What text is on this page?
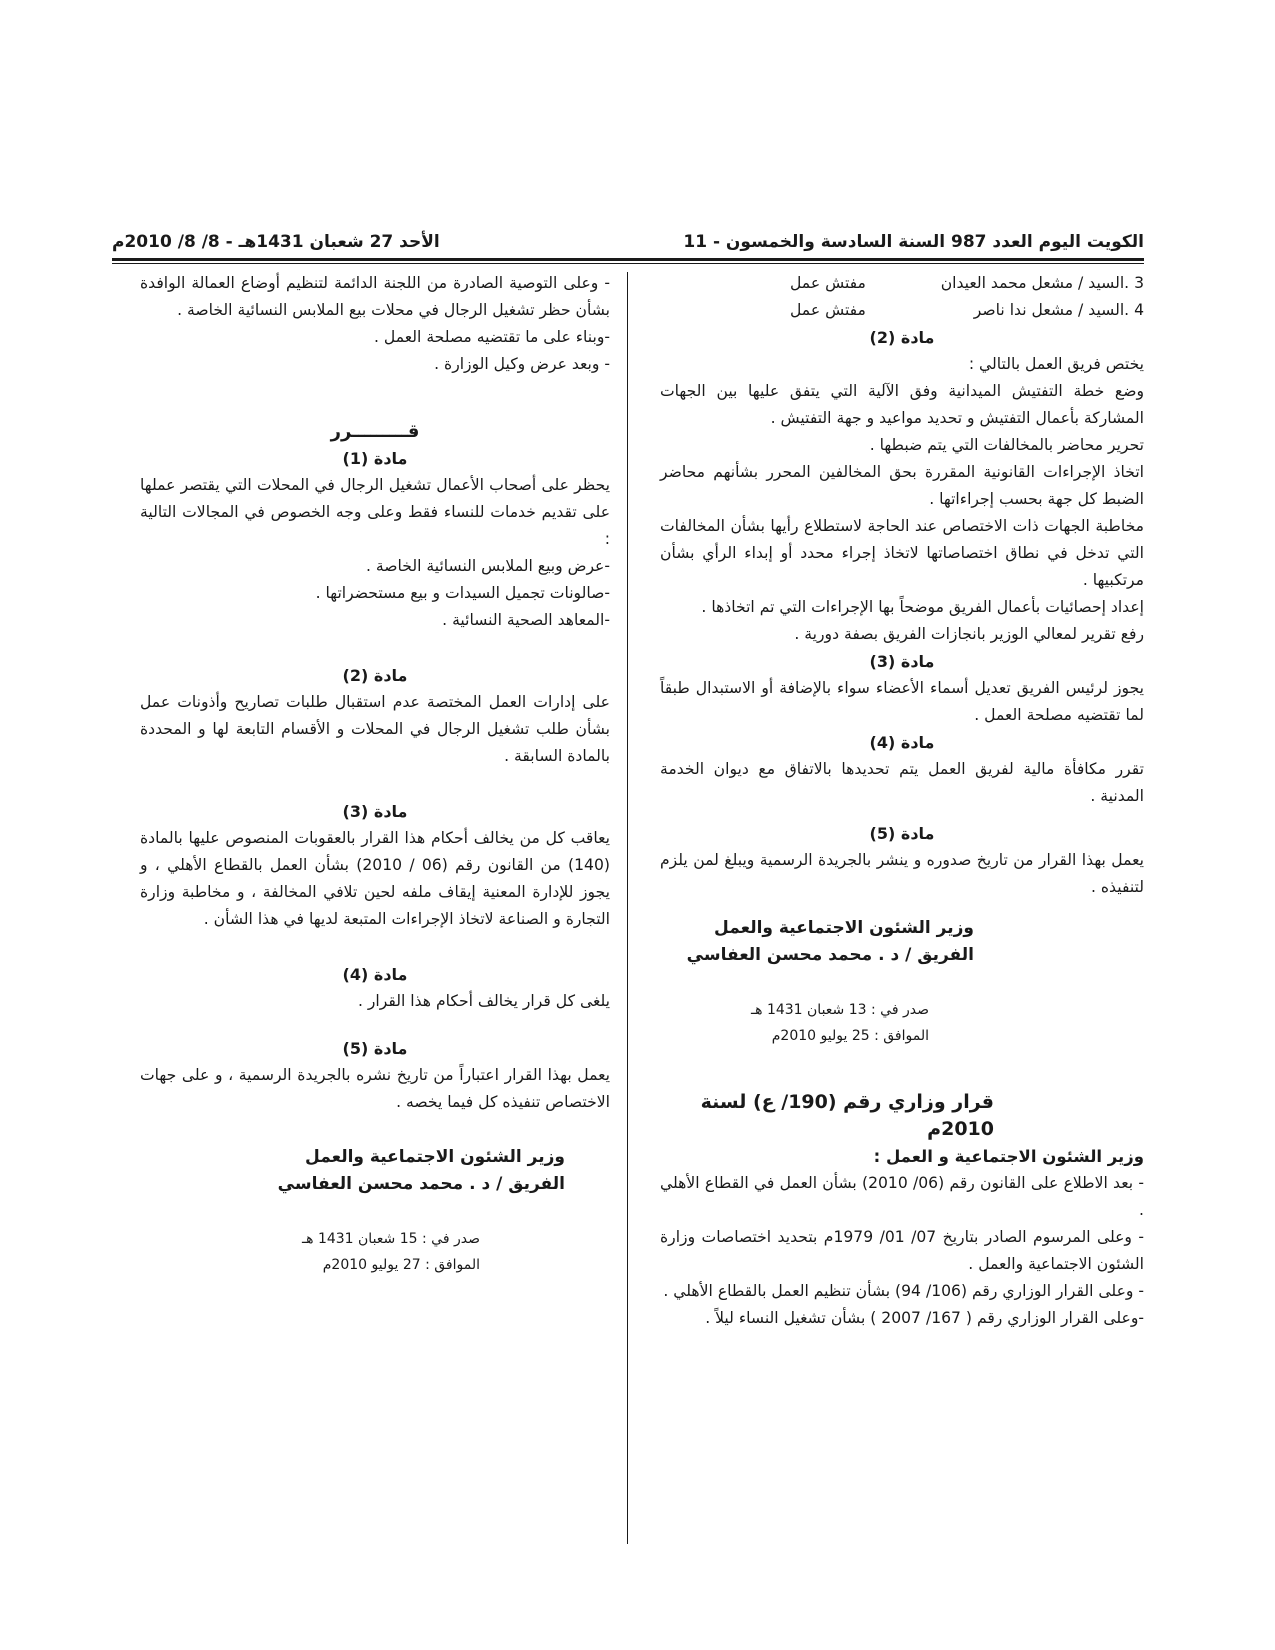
الكويت اليوم العدد 987 السنة السادسة والخمسون - 11
الأحد 27 شعبان 1431هـ - 8/ 8/ 2010م

3 .السيد / مشعل محمد العيدان
مفتش عمل

4 .السيد / مشعل ندا ناصر
مفتش عمل

مادة (2)

يختص فريق العمل بالتالي :

وضع خطة التفتيش الميدانية وفق الآلية التي يتفق عليها بين الجهات المشاركة بأعمال التفتيش و تحديد مواعيد و جهة التفتيش .

تحرير محاضر بالمخالفات التي يتم ضبطها .

اتخاذ الإجراءات القانونية المقررة بحق المخالفين المحرر بشأنهم محاضر الضبط كل جهة بحسب إجراءاتها .

مخاطبة الجهات ذات الاختصاص عند الحاجة لاستطلاع رأيها بشأن المخالفات التي تدخل في نطاق اختصاصاتها لاتخاذ إجراء محدد أو إبداء الرأي بشأن مرتكبيها .

إعداد إحصائيات بأعمال الفريق موضحاً بها الإجراءات التي تم اتخاذها .

رفع تقرير لمعالي الوزير بانجازات الفريق بصفة دورية .

مادة (3)

يجوز لرئيس الفريق تعديل أسماء الأعضاء سواء بالإضافة أو الاستبدال طبقاً لما تقتضيه مصلحة العمل .

مادة (4)

تقرر مكافأة مالية لفريق العمل يتم تحديدها بالاتفاق مع ديوان الخدمة المدنية .

مادة (5)

يعمل بهذا القرار من تاريخ صدوره و ينشر بالجريدة الرسمية ويبلغ لمن يلزم لتنفيذه .

وزير الشئون الاجتماعية والعمل

الفريق / د . محمد محسن العفاسي

صدر في : 13 شعبان 1431 هـ

الموافق : 25 يوليو 2010م

قرار وزاري رقم (190/ ع) لسنة 2010م

وزير الشئون الاجتماعية و العمل :

- بعد الاطلاع على القانون رقم (06/ 2010) بشأن العمل في القطاع الأهلي .

- وعلى المرسوم الصادر بتاريخ 07/ 01/ 1979م بتحديد اختصاصات وزارة الشئون الاجتماعية والعمل .

- وعلى القرار الوزاري رقم (106/ 94) بشأن تنظيم العمل بالقطاع الأهلي .

-وعلى القرار الوزاري رقم ( 167/ 2007 ) بشأن تشغيل النساء ليلاً .

- وعلى التوصية الصادرة من اللجنة الدائمة لتنظيم أوضاع العمالة الوافدة بشأن حظر تشغيل الرجال في محلات بيع الملابس النسائية الخاصة .

-وبناء على ما تقتضيه مصلحة العمل .

- وبعد عرض وكيل الوزارة .

قـــــــــرر

مادة (1)

يحظر على أصحاب الأعمال تشغيل الرجال في المحلات التي يقتصر عملها على تقديم خدمات للنساء فقط وعلى وجه الخصوص في المجالات التالية :

-عرض وبيع الملابس النسائية الخاصة .

-صالونات تجميل السيدات و بيع مستحضراتها .

-المعاهد الصحية النسائية .

مادة (2)

على إدارات العمل المختصة عدم استقبال طلبات تصاريح وأذونات عمل بشأن طلب تشغيل الرجال في المحلات و الأقسام التابعة لها و المحددة بالمادة السابقة .

مادة (3)

يعاقب كل من يخالف أحكام هذا القرار بالعقوبات المنصوص عليها بالمادة (140) من القانون رقم (06 / 2010) بشأن العمل بالقطاع الأهلي ، و يجوز للإدارة المعنية إيقاف ملفه لحين تلافي المخالفة ، و مخاطبة وزارة التجارة و الصناعة لاتخاذ الإجراءات المتبعة لديها في هذا الشأن .

مادة (4)

يلغى كل قرار يخالف أحكام هذا القرار .

مادة (5)

يعمل بهذا القرار اعتباراً من تاريخ نشره بالجريدة الرسمية ، و على جهات الاختصاص تنفيذه كل فيما يخصه .

وزير الشئون الاجتماعية والعمل

الفريق / د . محمد محسن العفاسي

صدر في : 15 شعبان 1431 هـ

الموافق : 27 يوليو 2010م
